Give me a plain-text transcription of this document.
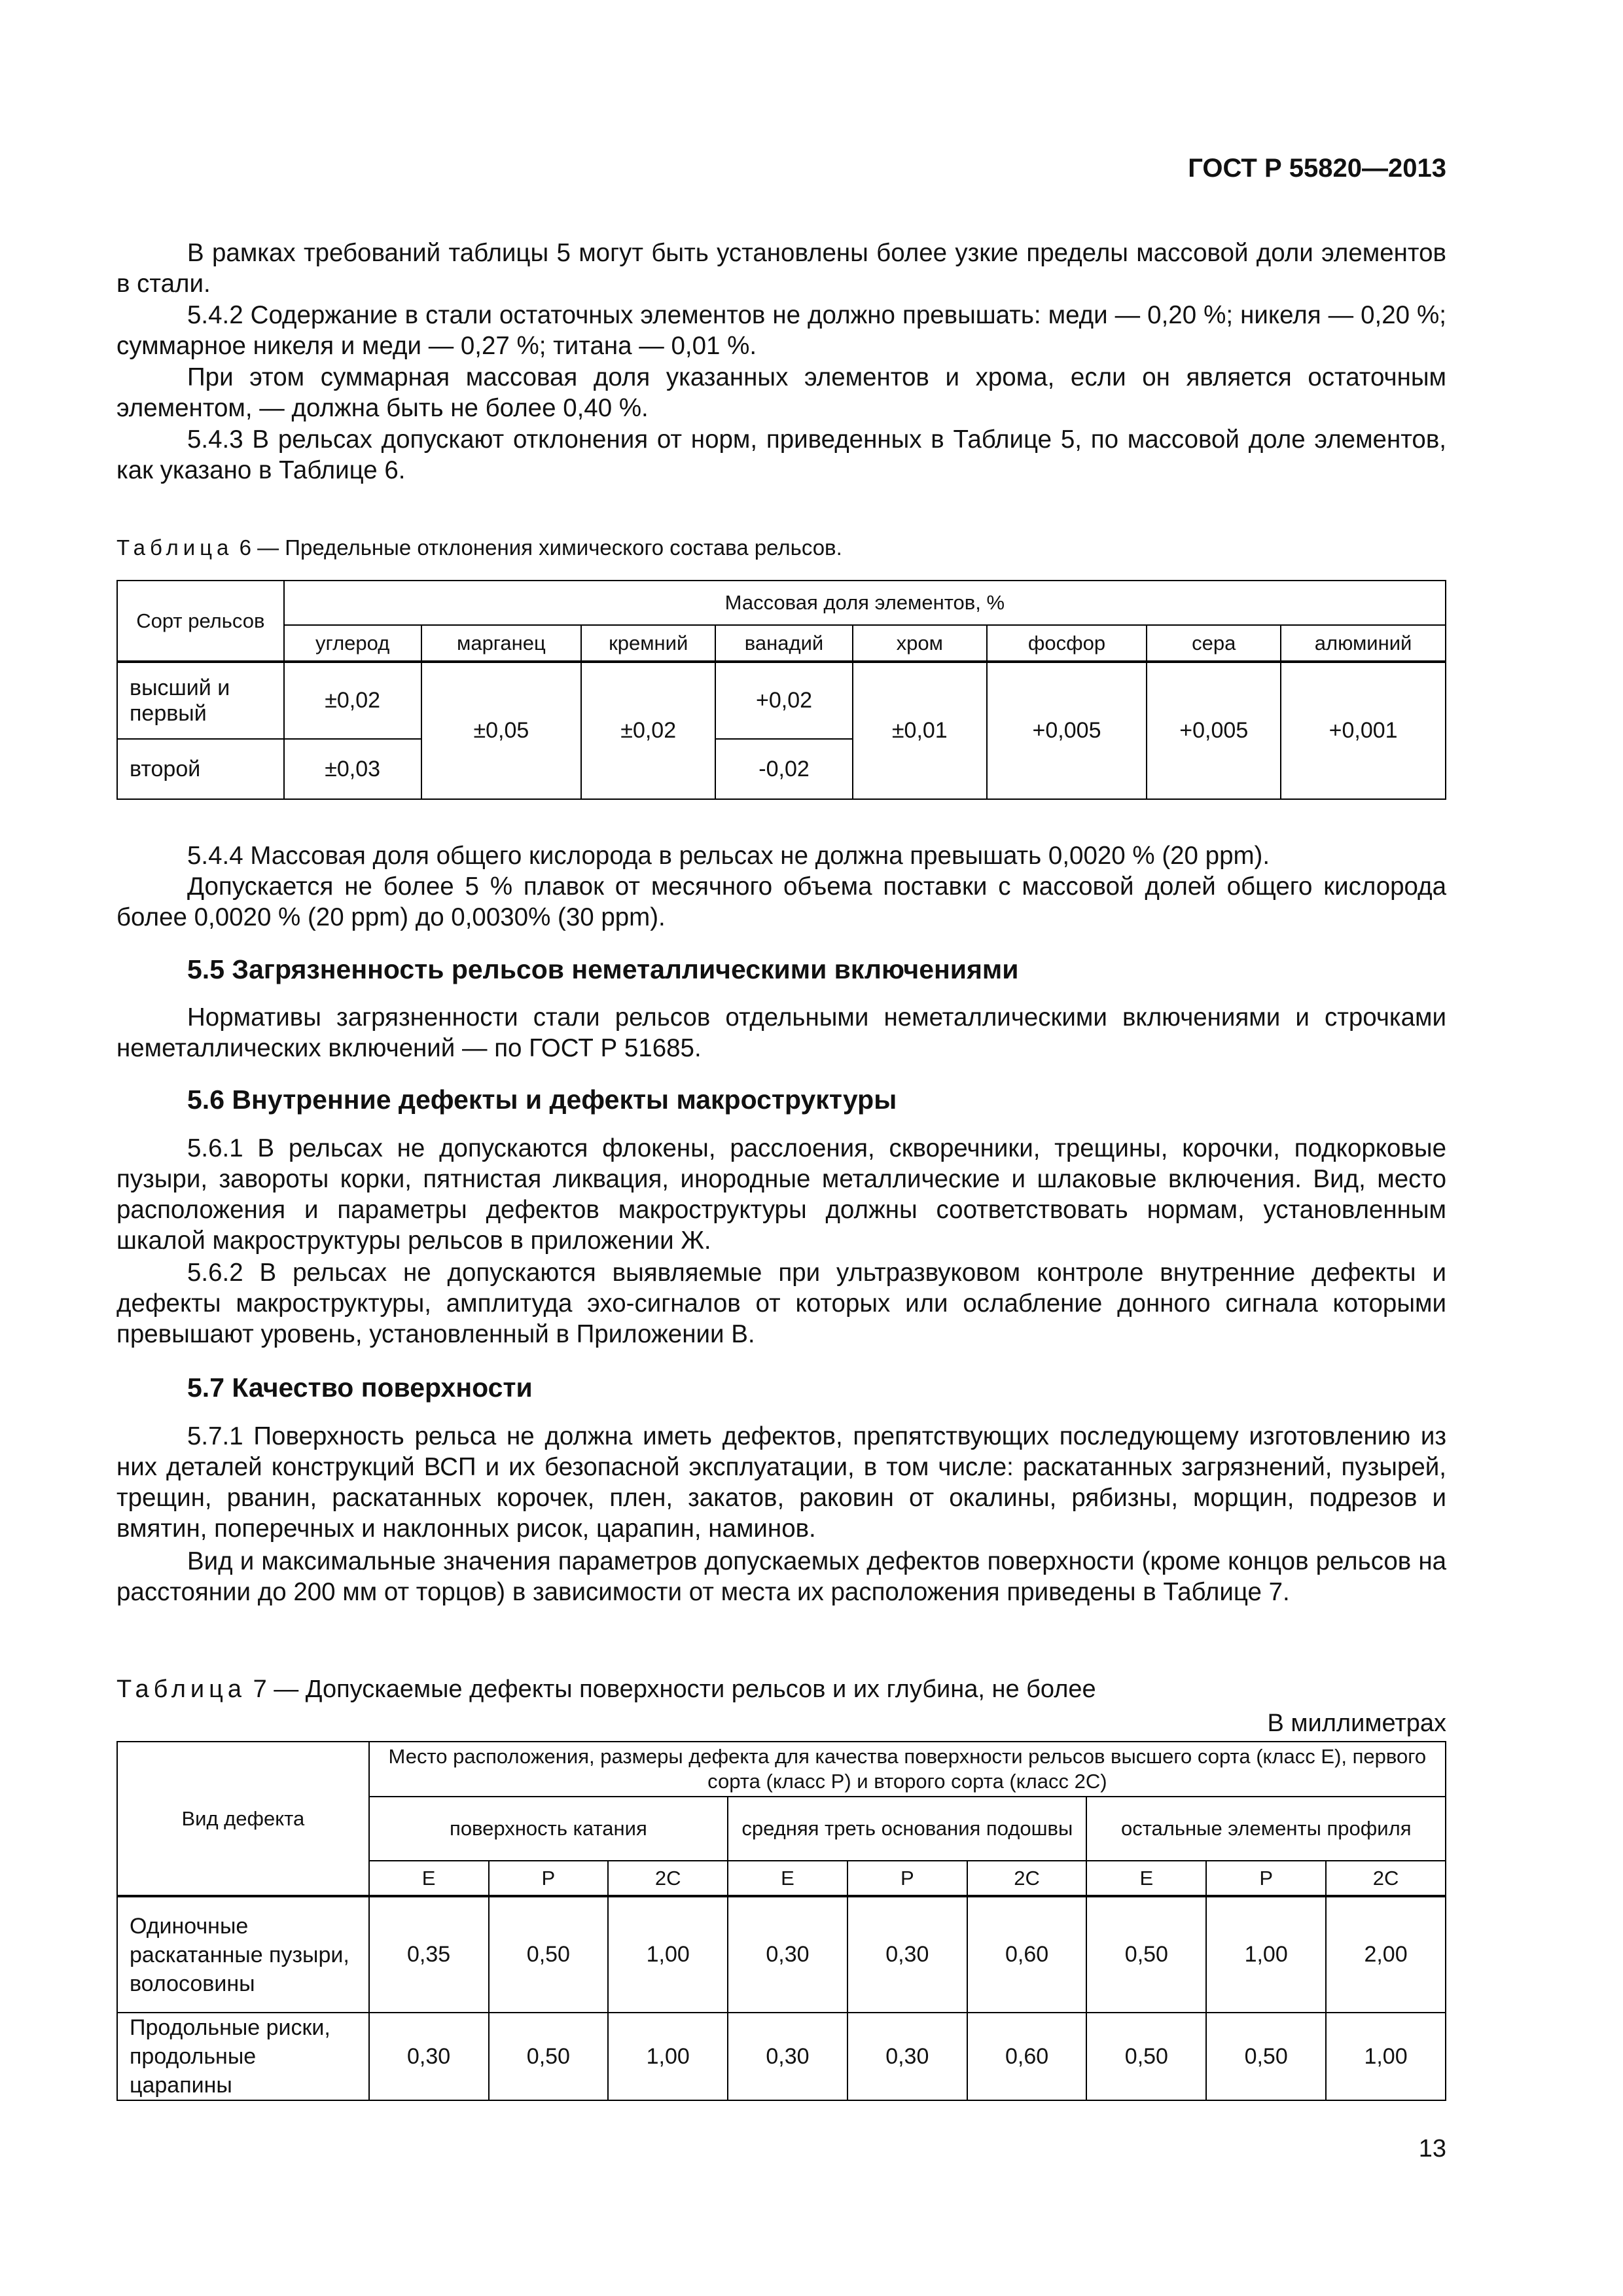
ГОСТ Р 55820—2013

В рамках требований таблицы 5 могут быть установлены более узкие пределы массовой доли элементов в стали.

5.4.2 Содержание в стали остаточных элементов не должно превышать: меди — 0,20 %; никеля — 0,20 %; суммарное никеля и меди — 0,27 %; титана — 0,01 %.

При этом суммарная массовая доля указанных элементов и хрома, если он является остаточным элементом, — должна быть не более 0,40 %.

5.4.3 В рельсах допускают отклонения от норм, приведенных в Таблице 5, по массовой доле элементов, как указано в Таблице 6.

Таблица 6 — Предельные отклонения химического состава рельсов.
Сорт рельсов	Массовая доля элементов, %							
	углерод	марганец	кремний	ванадий	хром	фосфор	сера	алюминий
высший и первый	±0,02	±0,05	±0,02	+0,02	±0,01	+0,005	+0,005	+0,001
второй	±0,03			-0,02				

5.4.4 Массовая доля общего кислорода в рельсах не должна превышать 0,0020 % (20 ppm).

Допускается не более 5 % плавок от месячного объема поставки с массовой долей общего кислорода более 0,0020 % (20 ppm) до 0,0030% (30 ppm).

5.5 Загрязненность рельсов неметаллическими включениями

Нормативы загрязненности стали рельсов отдельными неметаллическими включениями и строчками неметаллических включений — по ГОСТ Р 51685.

5.6 Внутренние дефекты и дефекты макроструктуры

5.6.1 В рельсах не допускаются флокены, расслоения, скворечники, трещины, корочки, подкорковые пузыри, завороты корки, пятнистая ликвация, инородные металлические и шлаковые включения. Вид, место расположения и параметры дефектов макроструктуры должны соответствовать нормам, установленным шкалой макроструктуры рельсов в приложении Ж.

5.6.2 В рельсах не допускаются выявляемые при ультразвуковом контроле внутренние дефекты и дефекты макроструктуры, амплитуда эхо-сигналов от которых или ослабление донного сигнала которыми превышают уровень, установленный в Приложении В.

5.7 Качество поверхности

5.7.1 Поверхность рельса не должна иметь дефектов, препятствующих последующему изготовлению из них деталей конструкций ВСП и их безопасной эксплуатации, в том числе: раскатанных загрязнений, пузырей, трещин, рванин, раскатанных корочек, плен, закатов, раковин от окалины, рябизны, морщин, подрезов и вмятин, поперечных и наклонных рисок, царапин, наминов.

Вид и максимальные значения параметров допускаемых дефектов поверхности (кроме концов рельсов на расстоянии до 200 мм от торцов) в зависимости от места их расположения приведены в Таблице 7.

Таблица 7 — Допускаемые дефекты поверхности рельсов и их глубина, не более
В миллиметрах
Вид дефекта	Место расположения, размеры дефекта для качества поверхности рельсов высшего сорта (класс Е), первого сорта (класс Р) и второго сорта (класс 2С)								
	поверхность катания			средняя треть основания подошвы			остальные элементы профиля		
	Е	Р	2С	Е	Р	2С	Е	Р	2С
Одиночные раскатанные пузыри, волосовины	0,35	0,50	1,00	0,30	0,30	0,60	0,50	1,00	2,00
Продольные риски, продольные царапины	0,30	0,50	1,00	0,30	0,30	0,60	0,50	0,50	1,00
13
